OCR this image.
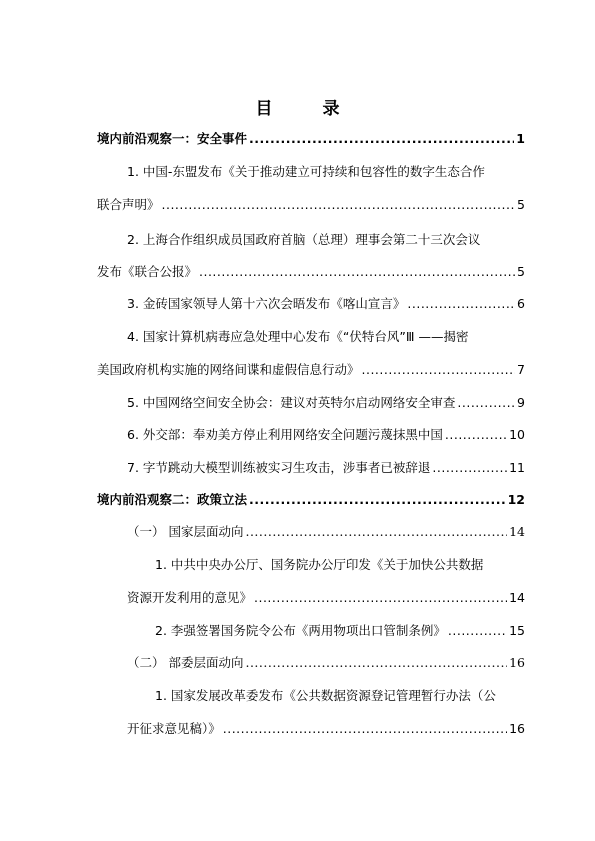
目 录
境内前沿观察一：安全事件 .....	1
1. 中国-东盟发布《关于推动建立可持续和包容性的数字生态合作
联合声明》 .....	5
2. 上海合作组织成员国政府首脑（总理）理事会第二十三次会议
发布《联合公报》 .....	5
3. 金砖国家领导人第十六次会晤发布《喀山宣言》 .....	6
4. 国家计算机病毒应急处理中心发布《“伏特台风”Ⅲ ——揭密
美国政府机构实施的网络间谍和虚假信息行动》 .....	7
5. 中国网络空间安全协会：建议对英特尔启动网络安全审查 .....	9
6. 外交部：奉劝美方停止利用网络安全问题污蔑抹黑中国 .....	10
7. 字节跳动大模型训练被实习生攻击，涉事者已被辞退 .....	11
境内前沿观察二：政策立法 .....	12
（一） 国家层面动向 .....	14
1. 中共中央办公厅、国务院办公厅印发《关于加快公共数据
资源开发利用的意见》 .....	14
2. 李强签署国务院令公布《两用物项出口管制条例》 .....	15
（二） 部委层面动向 .....	16
1. 国家发展改革委发布《公共数据资源登记管理暂行办法（公
开征求意见稿）》 .....	16
